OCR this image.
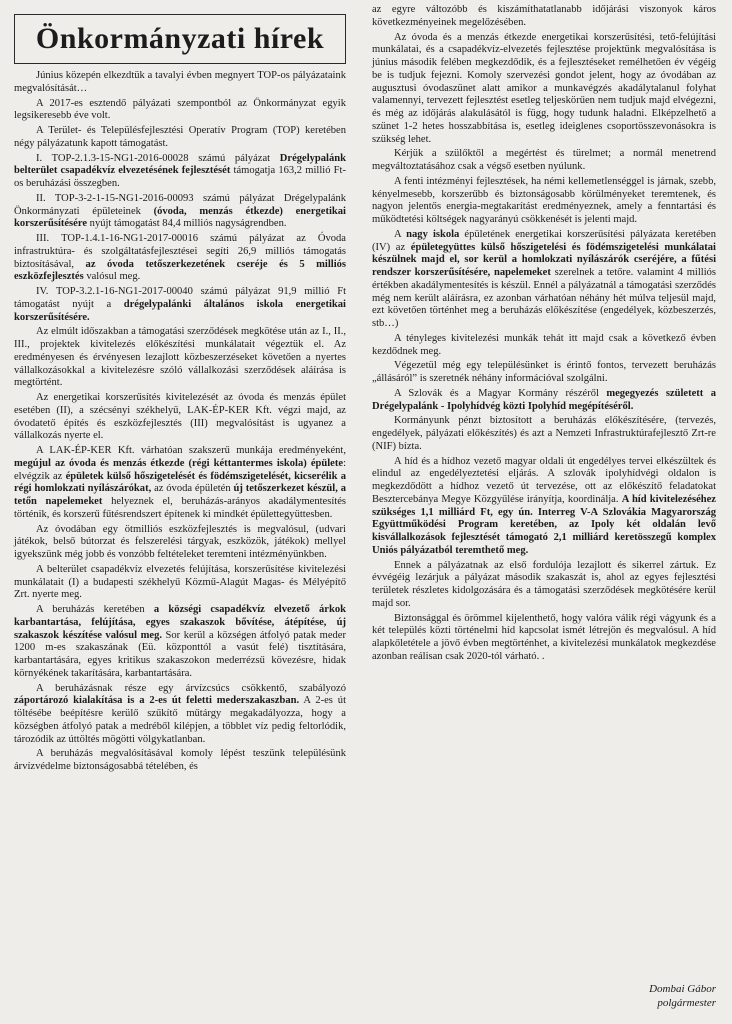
Önkormányzati hírek

Június közepén elkezdtük a tavalyi évben megnyert TOP-os pályázataink megvalósítását…

A 2017-es esztendő pályázati szempontból az Önkormányzat egyik legsikeresebb éve volt.

A Terület- és Településfejlesztési Operatív Program (TOP) keretében négy pályázatunk kapott támogatást.

I. TOP-2.1.3-15-NG1-2016-00028 számú pályázat Drégelypalánk belterület csapadékvíz elvezetésének fejlesztését támogatja 163,2 millió Ft-os beruházási összegben.

II. TOP-3-2-1-15-NG1-2016-00093 számú pályázat Drégelypalánk Önkormányzati épületeinek (óvoda, menzás étkezde) energetikai korszerűsítésére nyújt támogatást 84,4 milliós nagyságrendben.

III. TOP-1.4.1-16-NG1-2017-00016 számú pályázat az Óvoda infrastruktúra- és szolgáltatásfejlesztései segíti 26,9 milliós támogatás biztosításával, az óvoda tetőszerkezetének cseréje és 5 milliós eszközfejlesztés valósul meg.

IV. TOP-3.2.1-16-NG1-2017-00040 számú pályázat 91,9 millió Ft támogatást nyújt a drégelypalánki általános iskola energetikai korszerűsítésére.

Az elmúlt időszakban a támogatási szerződések megkötése után az I., II., III., projektek kivitelezés előkészítési munkálatait végeztük el. Az eredményesen és érvényesen lezajlott közbeszerzéseket követően a nyertes vállalkozásokkal a kivitelezésre szóló vállalkozási szerződések aláírása is megtörtént.

Az energetikai korszerűsítés kivitelezését az óvoda és menzás épület esetében (II), a szécsényi székhelyű, LAK-ÉP-KER Kft. végzi majd, az óvodatető építés és eszközfejlesztés (III) megvalósítást is ugyanez a vállalkozás nyerte el.

A LAK-ÉP-KER Kft. várhatóan szakszerű munkája eredményeként, megújul az óvoda és menzás étkezde (régi kéttantermes iskola) épülete: elvégzik az épületek külső hőszigetelését és födémszigetelését, kicserélik a régi homlokzati nyílászárókat, az óvoda épületén új tetőszerkezet készül, a tetőn napelemeket helyeznek el, beruházás-arányos akadálymentesítés történik, és korszerű fűtésrendszert építenek ki mindkét épülettegyüttesben.

Az óvodában egy ötmilliós eszközfejlesztés is megvalósul, (udvari játékok, belső bútorzat és felszerelési tárgyak, eszközök, játékok) mellyel igyekszünk még jobb és vonzóbb feltételeket teremteni intézményünkben.

A belterület csapadékvíz elvezetés felújítása, korszerűsítése kivitelezési munkálatait (I) a budapesti székhelyű Közmű-Alagút Magas- és Mélyépítő Zrt. nyerte meg.

A beruházás keretében a községi csapadékvíz elvezető árkok karbantartása, felújítása, egyes szakaszok bővítése, átépítése, új szakaszok készítése valósul meg. Sor kerül a községen átfolyó patak meder 1200 m-es szakaszának (Eü. központtól a vasút felé) tisztítására, karbantartására, egyes kritikus szakaszokon mederrézsű kövezésre, hidak környékének takarítására, karbantartására.

A beruházásnak része egy árvízcsúcs csökkentő, szabályozó záportározó kialakítása is a 2-es út feletti mederszakaszban. A 2-es út töltésébe beépítésre kerülő szűkítő műtárgy megakadályozza, hogy a községben átfolyó patak a medréből kilépjen, a többlet víz pedig feltorlódik, tározódik az úttöltés mögötti völgykatlanban.

A beruházás megvalósításával komoly lépést teszünk településünk árvízvédelme biztonságosabbá tételében, és

az egyre változóbb és kiszámíthatatlanabb időjárási viszonyok káros következményeinek megelőzésében.

Az óvoda és a menzás étkezde energetikai korszerűsítési, tető-felújítási munkálatai, és a csapadékvíz-elvezetés fejlesztése projektünk megvalósítása is június második felében megkezdődik, és a fejlesztéseket remélhetően év végéig be is tudjuk fejezni. Komoly szervezési gondot jelent, hogy az óvodában az augusztusi óvodaszünet alatt amikor a munkavégzés akadálytalanul folyhat valamennyi, tervezett fejlesztést esetleg teljeskörűen nem tudjuk majd elvégezni, és még az időjárás alakulásától is függ, hogy tudunk haladni. Elképzelhető a szünet 1-2 hetes hosszabbítása is, esetleg ideiglenes csoportösszevonásokra is szükség lehet.

Kérjük a szülőktől a megértést és türelmet; a normál menetrend megváltoztatásához csak a végső esetben nyúlunk.

A fenti intézményi fejlesztések, ha némi kellemetlenséggel is járnak, szebb, kényelmesebb, korszerűbb és biztonságosabb körülményeket teremtenek, és nagyon jelentős energia-megtakarítást eredményeznek, amely a fenntartási és működtetési költségek nagyarányú csökkenését is jelenti majd.

A nagy iskola épületének energetikai korszerűsítési pályázata keretében (IV) az épületegyüttes külső hőszigetelési és födémszigetelési munkálatai készülnek majd el, sor kerül a homlokzati nyílászárók cseréjére, a fűtési rendszer korszerűsítésére, napelemeket szerelnek a tetőre. valamint 4 milliós értékben akadálymentesítés is készül. Ennél a pályázatnál a támogatási szerződés még nem került aláírásra, ez azonban várhatóan néhány hét múlva teljesül majd, ezt követően történhet meg a beruházás előkészítése (engedélyek, közbeszerzés, stb…)

A tényleges kivitelezési munkák tehát itt majd csak a következő évben kezdődnek meg.

Végezetül még egy településünket is érintő fontos, tervezett beruházás „állásáról” is szeretnék néhány információval szolgálni.

A Szlovák és a Magyar Kormány részéről megegyezés született a Drégelypalánk - Ipolyhídvég közti Ipolyhíd megépítéséről.

Kormányunk pénzt biztosított a beruházás előkészítésére, (tervezés, engedélyek, pályázati előkészítés) és azt a Nemzeti Infrastruktúrafejlesztő Zrt-re (NIF) bízta.

A híd és a hídhoz vezető magyar oldali út engedélyes tervei elkészültek és elindul az engedélyeztetési eljárás. A szlovák ipolyhídvégi oldalon is megkezdődött a hídhoz vezető út tervezése, ott az előkészítő feladatokat Besztercebánya Megye Közgyűlése irányítja, koordinálja. A híd kivitelezéséhez szükséges 1,1 milliárd Ft, egy ún. Interreg V-A Szlovákia Magyarország Együttműködési Program keretében, az Ipoly két oldalán levő kisvállalkozások fejlesztését támogató 2,1 milliárd keretösszegű komplex Uniós pályázatból teremthető meg.

Ennek a pályázatnak az első fordulója lezajlott és sikerrel zártuk. Ez évvégéig lezárjuk a pályázat második szakaszát is, ahol az egyes fejlesztési területek részletes kidolgozására és a támogatási szerződések megkötésére kerül majd sor.

Biztonsággal és örömmel kijelenthető, hogy valóra válik régi vágyunk és a két település közti történelmi híd kapcsolat ismét létrejön és megvalósul. A híd alapkőletétele a jövő évben megtörténhet, a kivitelezési munkálatok megkezdése azonban reálisan csak 2020-tól várható. .

Dombai Gábor
polgármester
